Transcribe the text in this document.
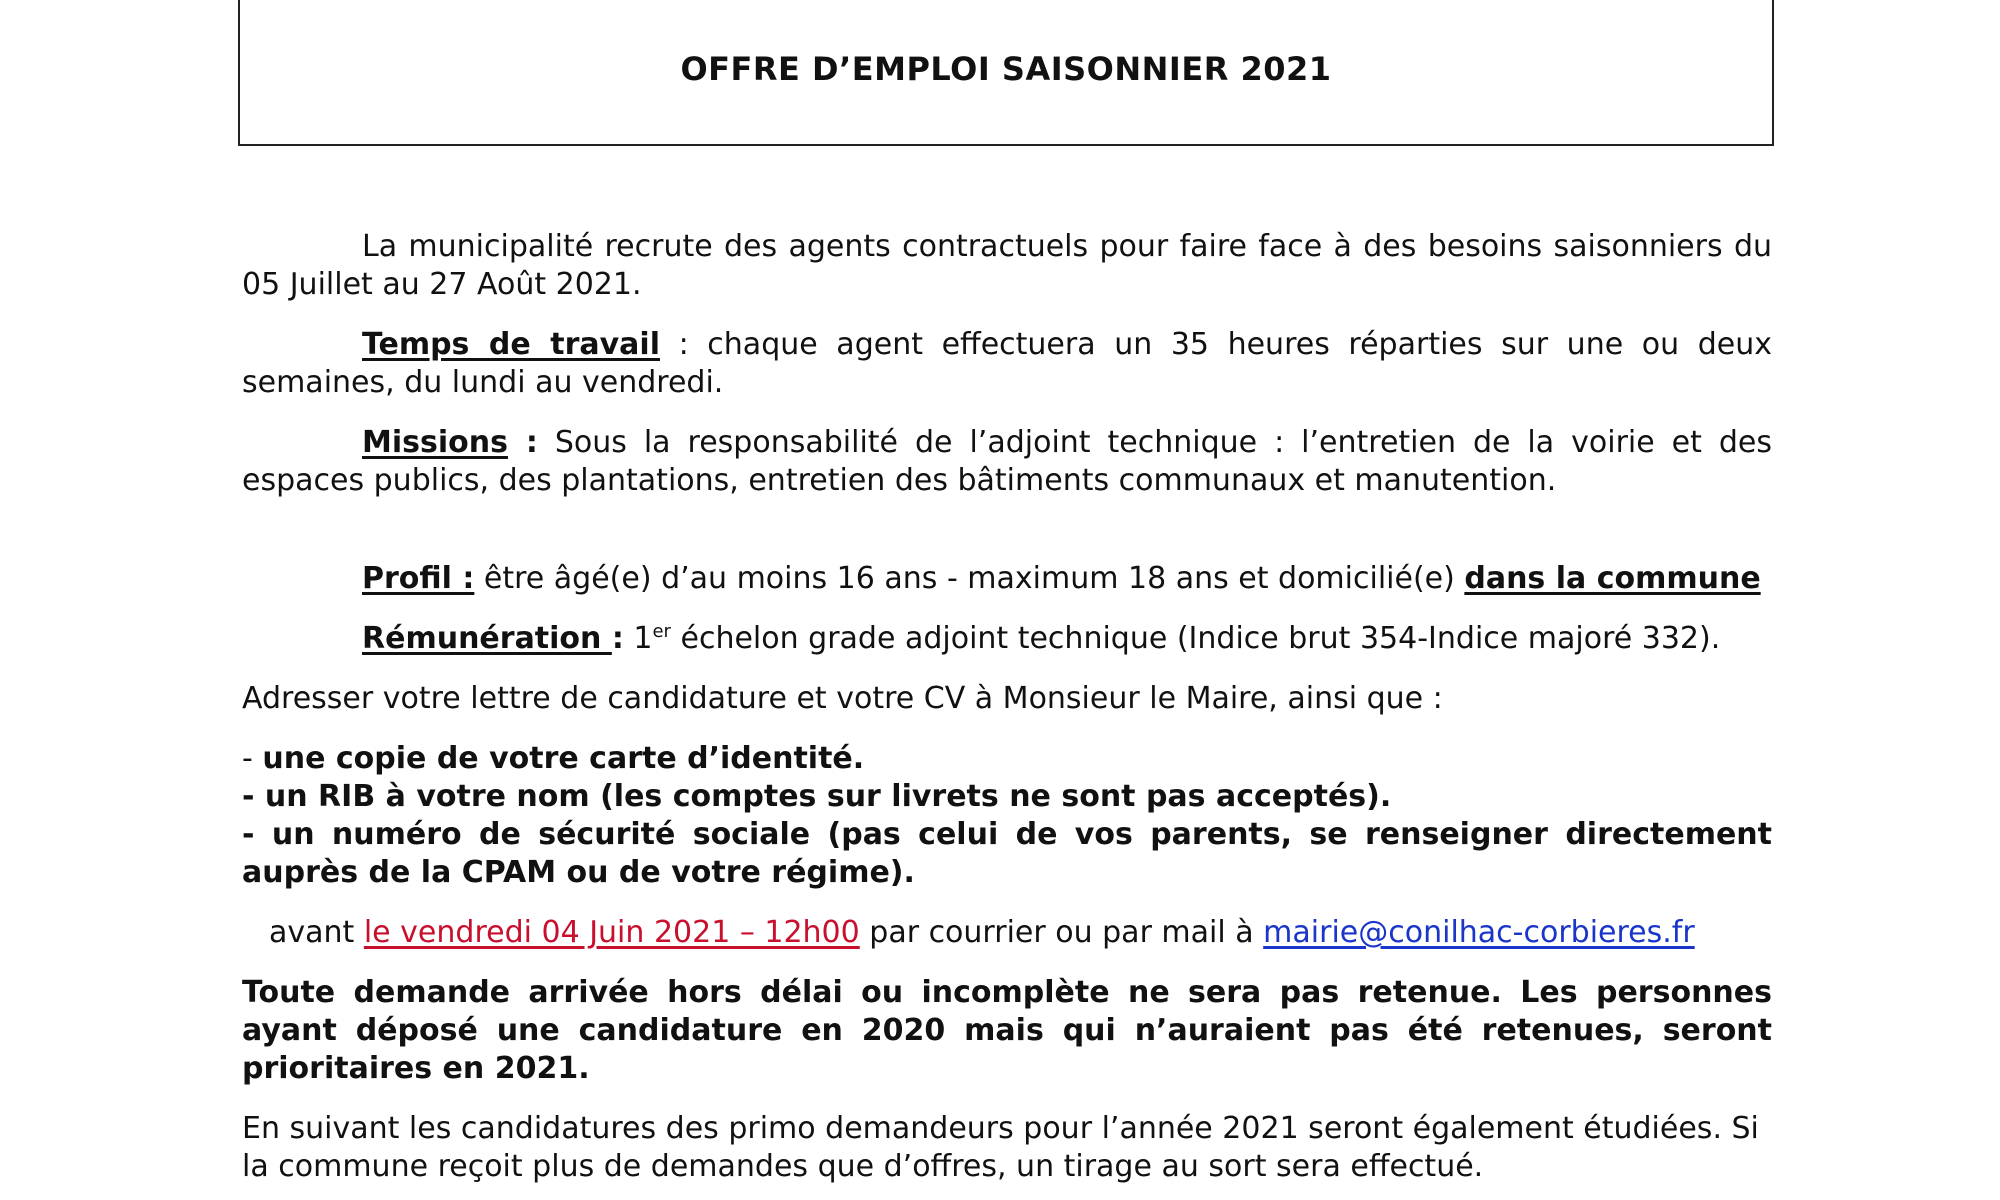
OFFRE D’EMPLOI SAISONNIER 2021

La municipalité recrute des agents contractuels pour faire face à des besoins saisonniers du 05 Juillet au 27 Août 2021.

Temps de travail : chaque agent effectuera un 35 heures réparties sur une ou deux semaines, du lundi au vendredi.

Missions : Sous la responsabilité de l’adjoint technique : l’entretien de la voirie et des espaces publics, des plantations, entretien des bâtiments communaux et manutention.

Profil : être âgé(e) d’au moins 16 ans - maximum 18 ans et domicilié(e) dans la commune

Rémunération : 1er échelon grade adjoint technique (Indice brut 354-Indice majoré 332).

Adresser votre lettre de candidature et votre CV à Monsieur le Maire, ainsi que :

- une copie de votre carte d’identité.

- un RIB à votre nom (les comptes sur livrets ne sont pas acceptés).

- un numéro de sécurité sociale (pas celui de vos parents, se renseigner directement auprès de la CPAM ou de votre régime).

avant le vendredi 04 Juin 2021 – 12h00 par courrier ou par mail à mairie@conilhac-corbieres.fr

Toute demande arrivée hors délai ou incomplète ne sera pas retenue. Les personnes ayant déposé une candidature en 2020 mais qui n’auraient pas été retenues, seront prioritaires en 2021.

En suivant les candidatures des primo demandeurs pour l’année 2021 seront également étudiées. Si la commune reçoit plus de demandes que d’offres, un tirage au sort sera effectué.
